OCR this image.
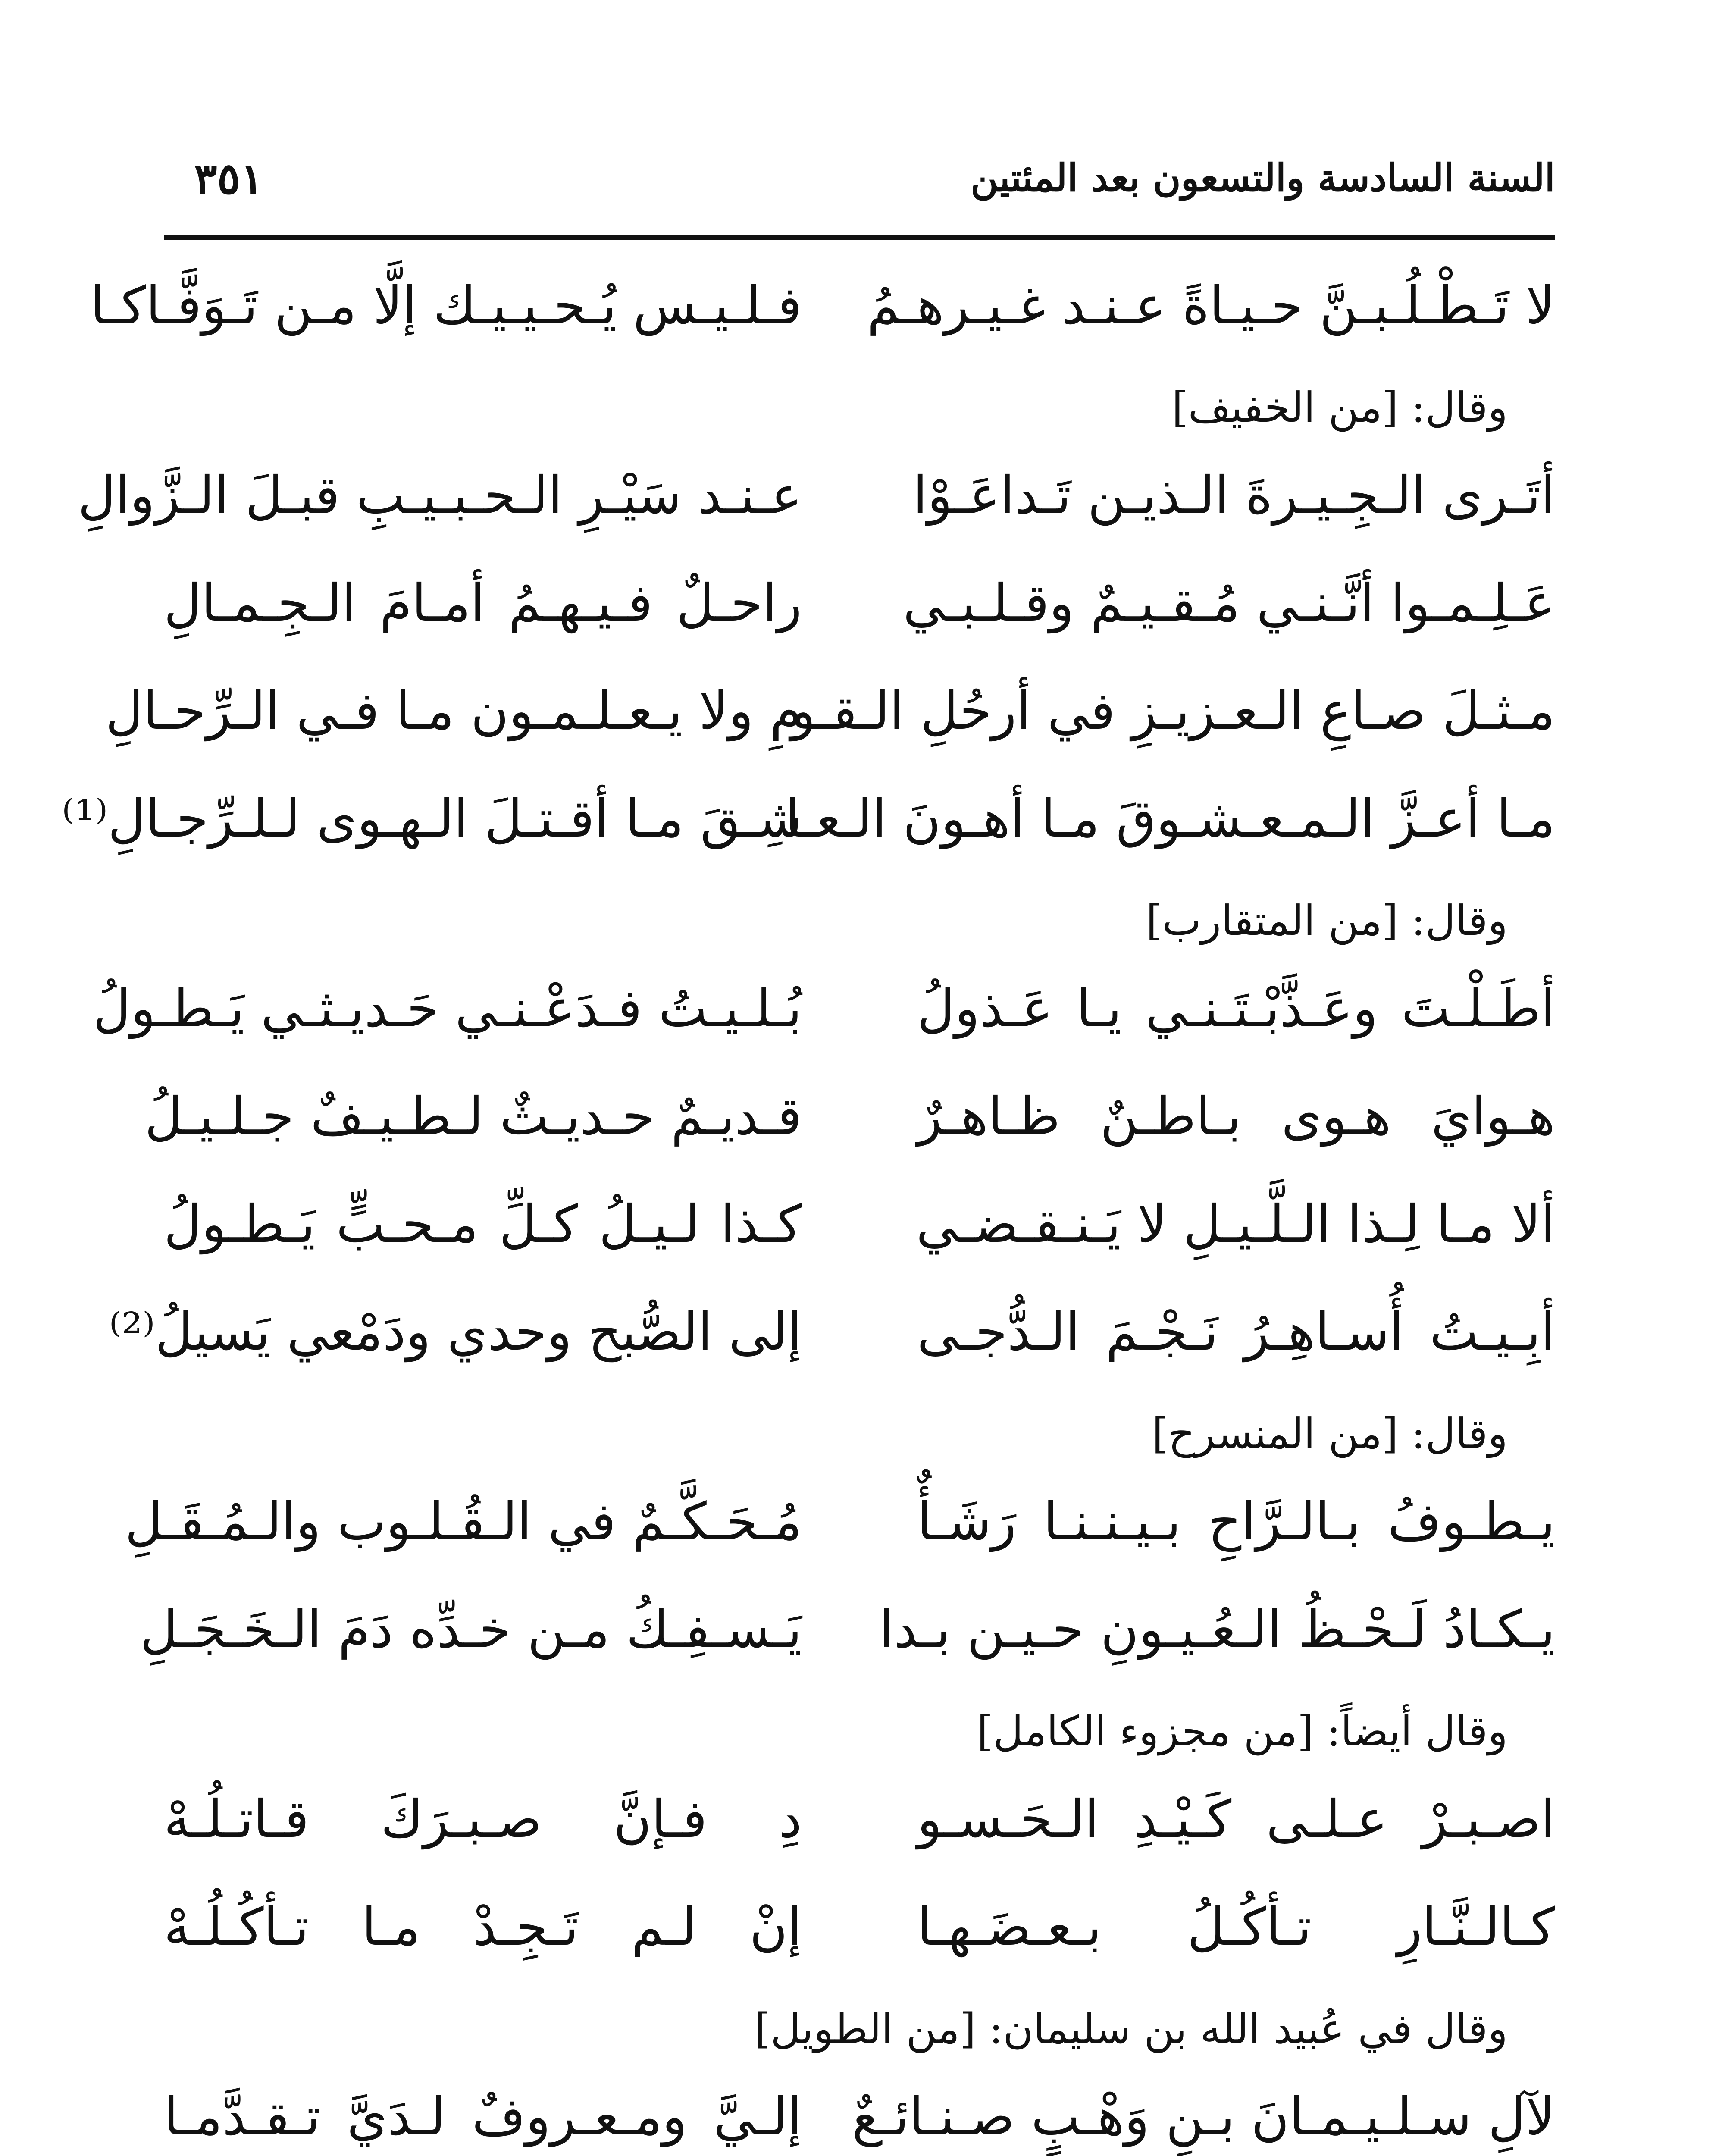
السنة السادسة والتسعون بعد المئتين
٣٥١
لا تَـطْـلُـبـنَّ حـيـاةً عـنـد غـيـرهـمُ
فـلـيـس يُـحـيـيـك إلَّا مـن تَـوَفَّـاكـا
وقال: [من الخفيف]
أتَـرى الـجِـيـرةَ الـذيـن تَـداعَـوْا
عـنـد سَيْـرِ الـحـبـيـبِ قبـلَ الـزَّوالِ
عَـلِـمـوا أنَّـنـي مُـقـيـمٌ وقـلـبـي
راحـلٌ فـيـهـمُ أمـامَ الـجِـمـالِ
مـثـلَ صـاعِ الـعـزيـزِ في أرحُلِ الـقـو
مِ ولا يـعـلـمـون مـا فـي الـرِّحـالِ
مـا أعـزَّ الـمـعـشـوقَ مـا أهـونَ الـعـا
شِـقَ مـا أقـتـلَ الـهـوى لـلـرِّجـالِ⁽¹⁾
وقال: [من المتقارب]
أطَـلْـتَ وعَـذَّبْـتَـنـي يـا عَـذولُ
بُـلـيـتُ فـدَعْـنـي حَـديـثـي يَـطـولُ
هـوايَ هـوى بـاطـنٌ ظـاهـرٌ
قـديـمٌ حـديـثٌ لـطـيـفٌ جـلـيـلُ
ألا مـا لِـذا الـلَّـيـلِ لا يَـنـقـضـي
كـذا لـيـلُ كـلِّ مـحـبٍّ يَـطـولُ
أبِـيـتُ أُسـاهِـرُ نَـجْـمَ الـدُّجـى
إلى الصُّبح وحدي ودَمْعي يَسيلُ⁽²⁾
وقال: [من المنسرح]
يـطـوفُ بـالـرَّاحِ بـيـنـنـا رَشَـأٌ
مُـحَـكَّـمٌ في الـقُـلـوب والـمُـقَـلِ
يـكـادُ لَـحْـظُ الـعُـيـونِ حـيـن بـدا
يَـسـفِـكُ مـن خـدِّه دَمَ الـخَـجَـلِ
وقال أيضاً: [من مجزوء الكامل]
اصـبـرْ عـلـى كَـيْـدِ الـحَـسـو
دِ فـإنَّ صـبـرَكَ قـاتـلُـهْ
كـالـنَّـارِ تـأكُـلُ بـعـضَـهـا
إنْ لـم تَـجِـدْ مـا تـأكُـلُـهْ
وقال في عُبيد الله بن سليمان: [من الطويل]
لآلِ سـلـيـمـانَ بـنِ وَهْـبٍ صـنـائـعٌ
إلـيَّ ومـعـروفٌ لـدَيَّ تـقـدَّمـا
